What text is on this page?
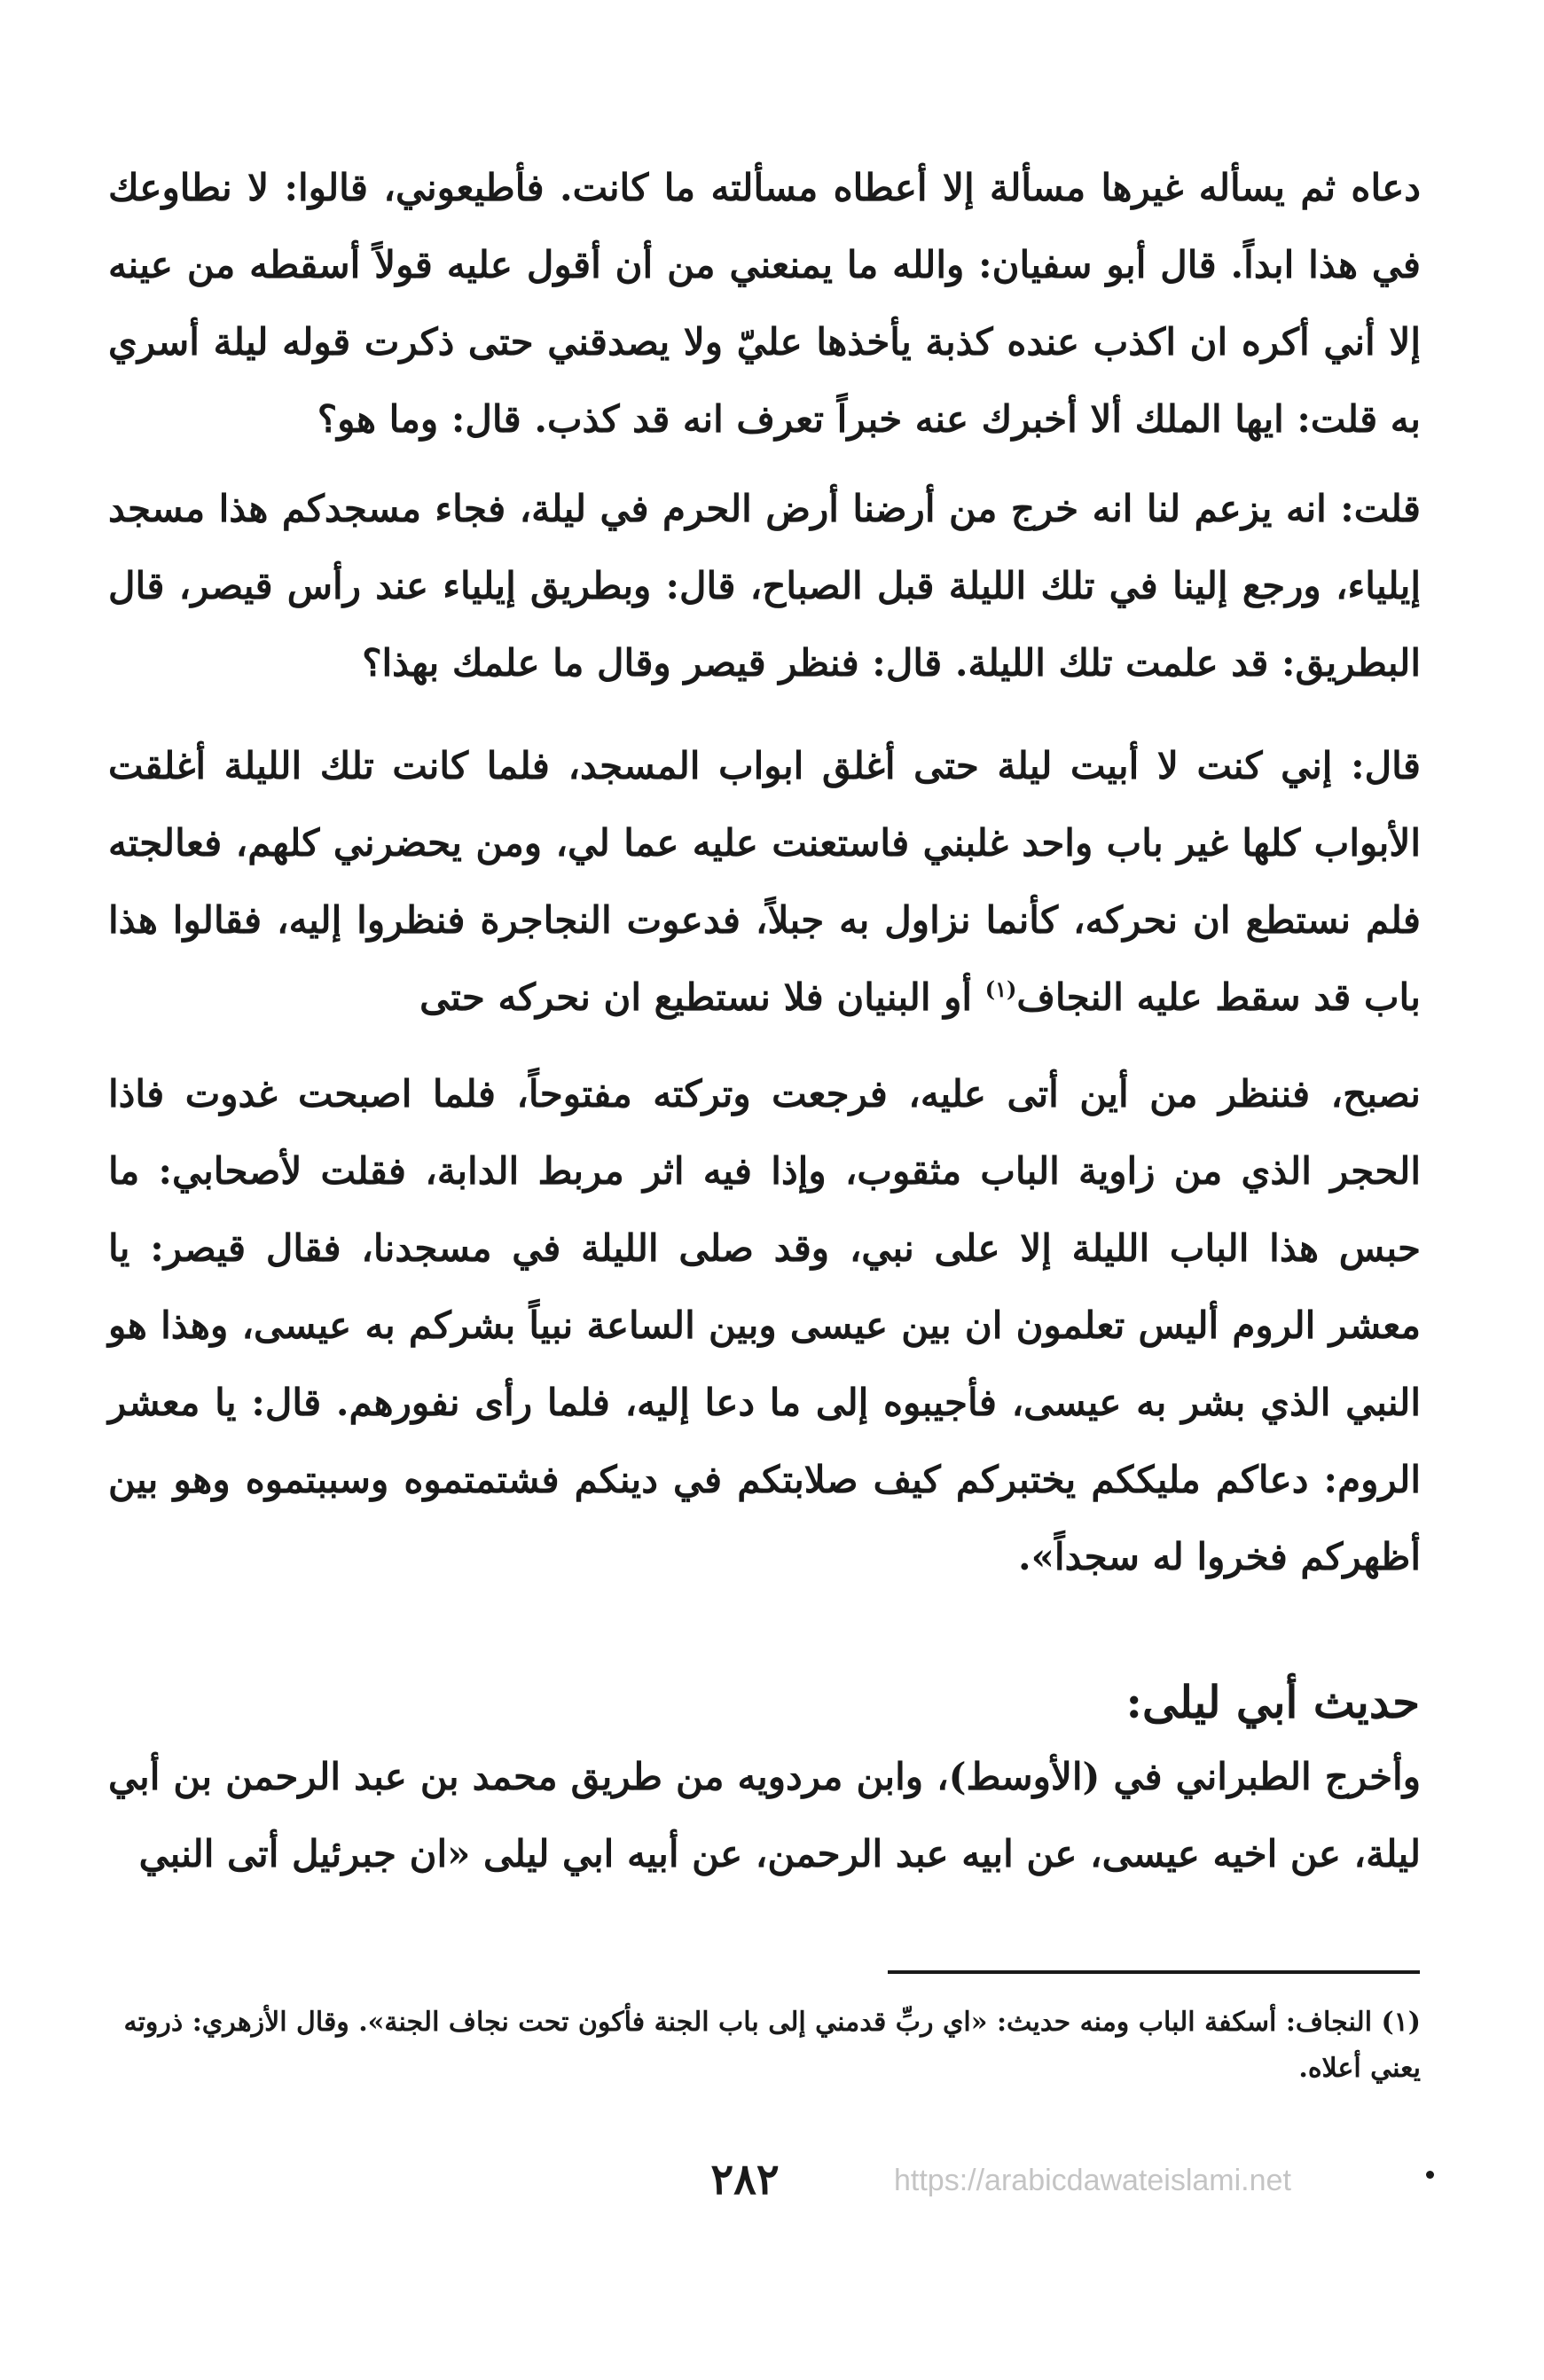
دعاه ثم يسأله غيرها مسألة إلا أعطاه مسألته ما كانت. فأطيعوني، قالوا: لا نطاوعك في هذا ابداً. قال أبو سفيان: والله ما يمنعني من أن أقول عليه قولاً أسقطه من عينه إلا أني أكره ان اكذب عنده كذبة يأخذها عليّ ولا يصدقني حتى ذكرت قوله ليلة أسري به قلت: ايها الملك ألا أخبرك عنه خبراً تعرف انه قد كذب. قال: وما هو؟
قلت: انه يزعم لنا انه خرج من أرضنا أرض الحرم في ليلة، فجاء مسجدكم هذا مسجد إيلياء، ورجع إلينا في تلك الليلة قبل الصباح، قال: وبطريق إيلياء عند رأس قيصر، قال البطريق: قد علمت تلك الليلة. قال: فنظر قيصر وقال ما علمك بهذا؟
قال: إني كنت لا أبيت ليلة حتى أغلق ابواب المسجد، فلما كانت تلك الليلة أغلقت الأبواب كلها غير باب واحد غلبني فاستعنت عليه عما لي، ومن يحضرني كلهم، فعالجته فلم نستطع ان نحركه، كأنما نزاول به جبلاً، فدعوت النجاجرة فنظروا إليه، فقالوا هذا باب قد سقط عليه النجاف$^{(١)}$ أو البنيان فلا نستطيع ان نحركه حتى
نصبح، فننظر من أين أتى عليه، فرجعت وتركته مفتوحاً، فلما اصبحت غدوت فاذا الحجر الذي من زاوية الباب مثقوب، وإذا فيه اثر مربط الدابة، فقلت لأصحابي: ما حبس هذا الباب الليلة إلا على نبي، وقد صلى الليلة في مسجدنا، فقال قيصر: يا معشر الروم أليس تعلمون ان بين عيسى وبين الساعة نبياً بشركم به عيسى، وهذا هو النبي الذي بشر به عيسى، فأجيبوه إلى ما دعا إليه، فلما رأى نفورهم. قال: يا معشر الروم: دعاكم مليككم يختبركم كيف صلابتكم في دينكم فشتمتموه وسببتموه وهو بين أظهركم فخروا له سجداً».
حديث أبي ليلى:
وأخرج الطبراني في (الأوسط)، وابن مردويه من طريق محمد بن عبد الرحمن بن أبي ليلة، عن اخيه عيسى، عن ابيه عبد الرحمن، عن أبيه ابي ليلى «ان جبرئيل أتى النبي
(١) النجاف: أسكفة الباب ومنه حديث: «اي ربِّ قدمني إلى باب الجنة فأكون تحت نجاف الجنة». وقال الأزهري: ذروته يعني أعلاه.
٢٨٢	https://arabicdawateislami.net
